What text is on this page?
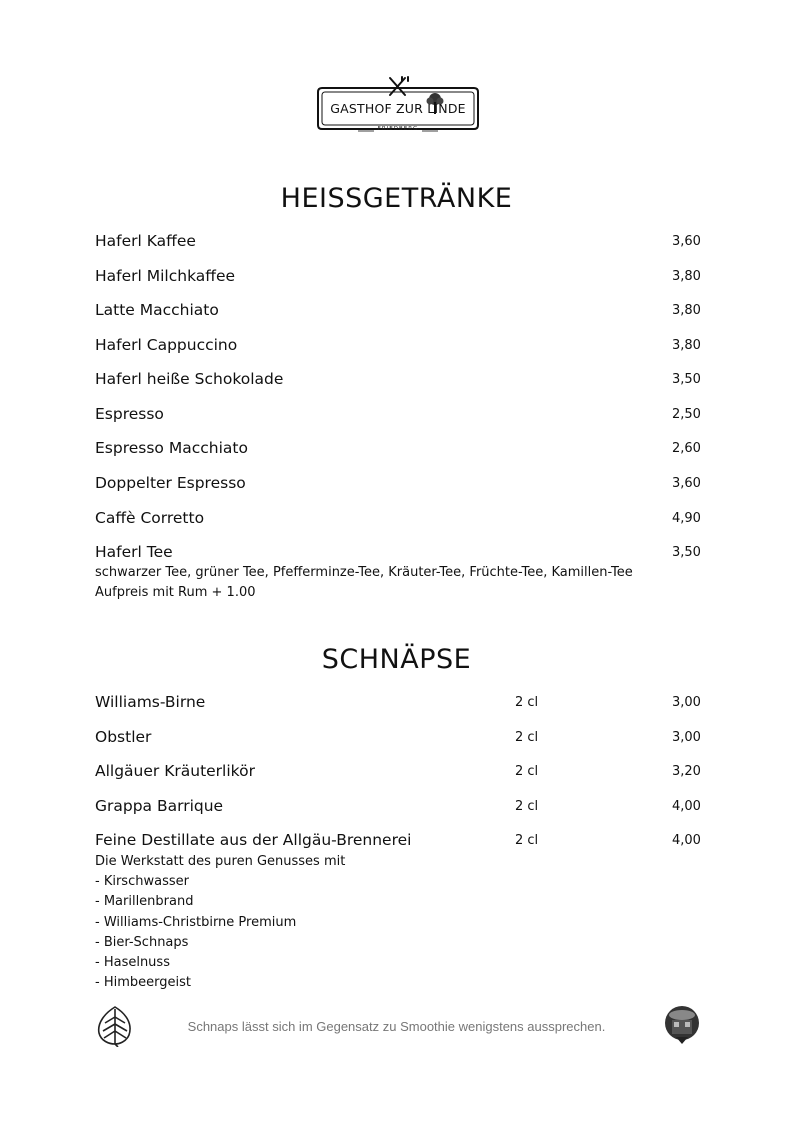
GASTHOF ZUR LINDE
FRIEDBERG
HEISSGETRÄNKE
Haferl Kaffee	3,60
Haferl Milchkaffee	3,80
Latte Macchiato	3,80
Haferl Cappuccino	3,80
Haferl heiße Schokolade	3,50
Espresso	2,50
Espresso Macchiato	2,60
Doppelter Espresso	3,60
Caffè Corretto	4,90
Haferl Tee	3,50
schwarzer Tee, grüner Tee, Pfefferminze-Tee, Kräuter-Tee, Früchte-Tee, Kamillen-Tee
Aufpreis mit Rum + 1.00
SCHNÄPSE
Williams-Birne	2 cl	3,00
Obstler	2 cl	3,00
Allgäuer Kräuterlikör	2 cl	3,20
Grappa Barrique	2 cl	4,00
Feine Destillate aus der Allgäu-Brennerei	2 cl	4,00
Die Werkstatt des puren Genusses mit
- Kirschwasser
- Marillenbrand
- Williams-Christbirne Premium
- Bier-Schnaps
- Haselnuss
- Himbeergeist
Schnaps lässt sich im Gegensatz zu Smoothie wenigstens aussprechen.
